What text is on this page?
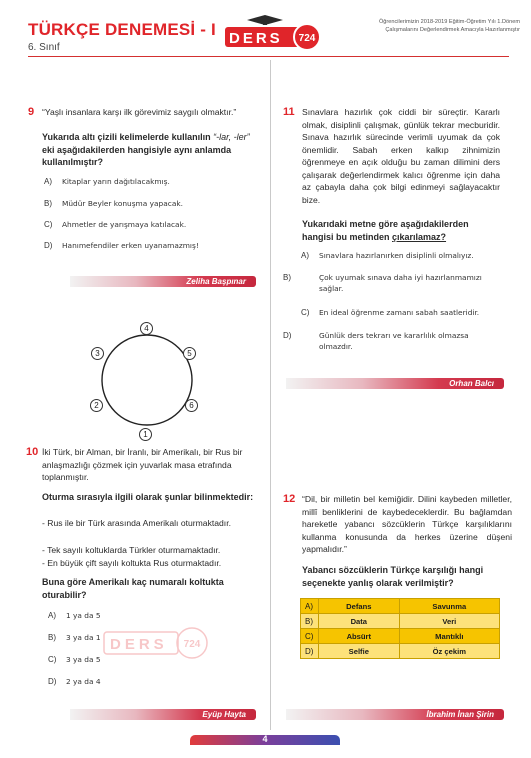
TÜRKÇE DENEMESİ - I
6. Sınıf
DERS 724
Öğrencilerimizin 2018-2019 Eğitim-Öğretim Yılı 1.Dönem
Çalışmalarını Değerlendirmek Amacıyla Hazırlanmıştır
9 “Yaşlı insanlara karşı ilk görevimiz saygılı olmaktır.”
Yukarıda altı çizili kelimelerde kullanılın “-lar, -ler” eki aşağıdakilerden hangisiyle aynı anlamda kullanılmıştır?
A) Kitaplar yarın dağıtılacakmış.
B) Müdür Beyler konuşma yapacak.
C) Ahmetler de yarışmaya katılacak.
D) Hanımefendiler erken uyanamazmış!
Zeliha Başpınar
4
3	5
2	6
1
10 İki Türk, bir Alman, bir İranlı, bir Amerikalı, bir Rus bir anlaşmazlığı çözmek için yuvarlak masa etrafında toplanmıştır.
Oturma sırasıyla ilgili olarak şunlar bilinmektedir:
- Rus ile bir Türk arasında Amerikalı oturmaktadır.
- Tek sayılı koltuklarda Türkler oturmamaktadır.
- En büyük çift sayılı koltukta Rus oturmaktadır.
Buna göre Amerikalı kaç numaralı koltukta oturabilir?
A) 1 ya da 5
B) 3 ya da 1
C) 3 ya da 5
D) 2 ya da 4
DERS 724
Eyüp Hayta
11 Sınavlara hazırlık çok ciddi bir süreçtir. Kararlı olmak, disiplinli çalışmak, günlük tekrar mecburidir. Sınava hazırlık sürecinde verimli uyumak da çok önemlidir. Sabah erken kalkıp zihnimizin öğrenmeye en açık olduğu bu zaman dilimini ders çalışarak değerlendirmek kalıcı öğrenme için daha az çabayla daha çok bilgi edinmeyi sağlayacaktır bize.
Yukarıdaki metne göre aşağıdakilerden hangisi bu metinden çıkarılamaz?
A) Sınavlara hazırlanırken disiplinli olmalıyız.
B)	Çok uyumak sınava daha iyi hazırlanmamızı sağlar.
C) En ideal öğrenme zamanı sabah saatleridir.
D)	Günlük ders tekrarı ve kararlılık olmazsa olmazdır.
Orhan Balcı
12 “Dil, bir milletin bel kemiğidir. Dilini kaybeden milletler, millî benliklerini de kaybedeceklerdir. Bu bağlamdan hareketle yabancı sözcüklerin Türkçe karşılıklarını kullanma konusunda da herkes üzerine düşeni yapmalıdır.”
Yabancı sözcüklerin Türkçe karşılığı hangi seçenekte yanlış olarak verilmiştir?
A)	Defans	Savunma
B)	Data	Veri
C)	Absürt	Mantıklı
D)	Selfie	Öz çekim
İbrahim İnan Şirin
4
